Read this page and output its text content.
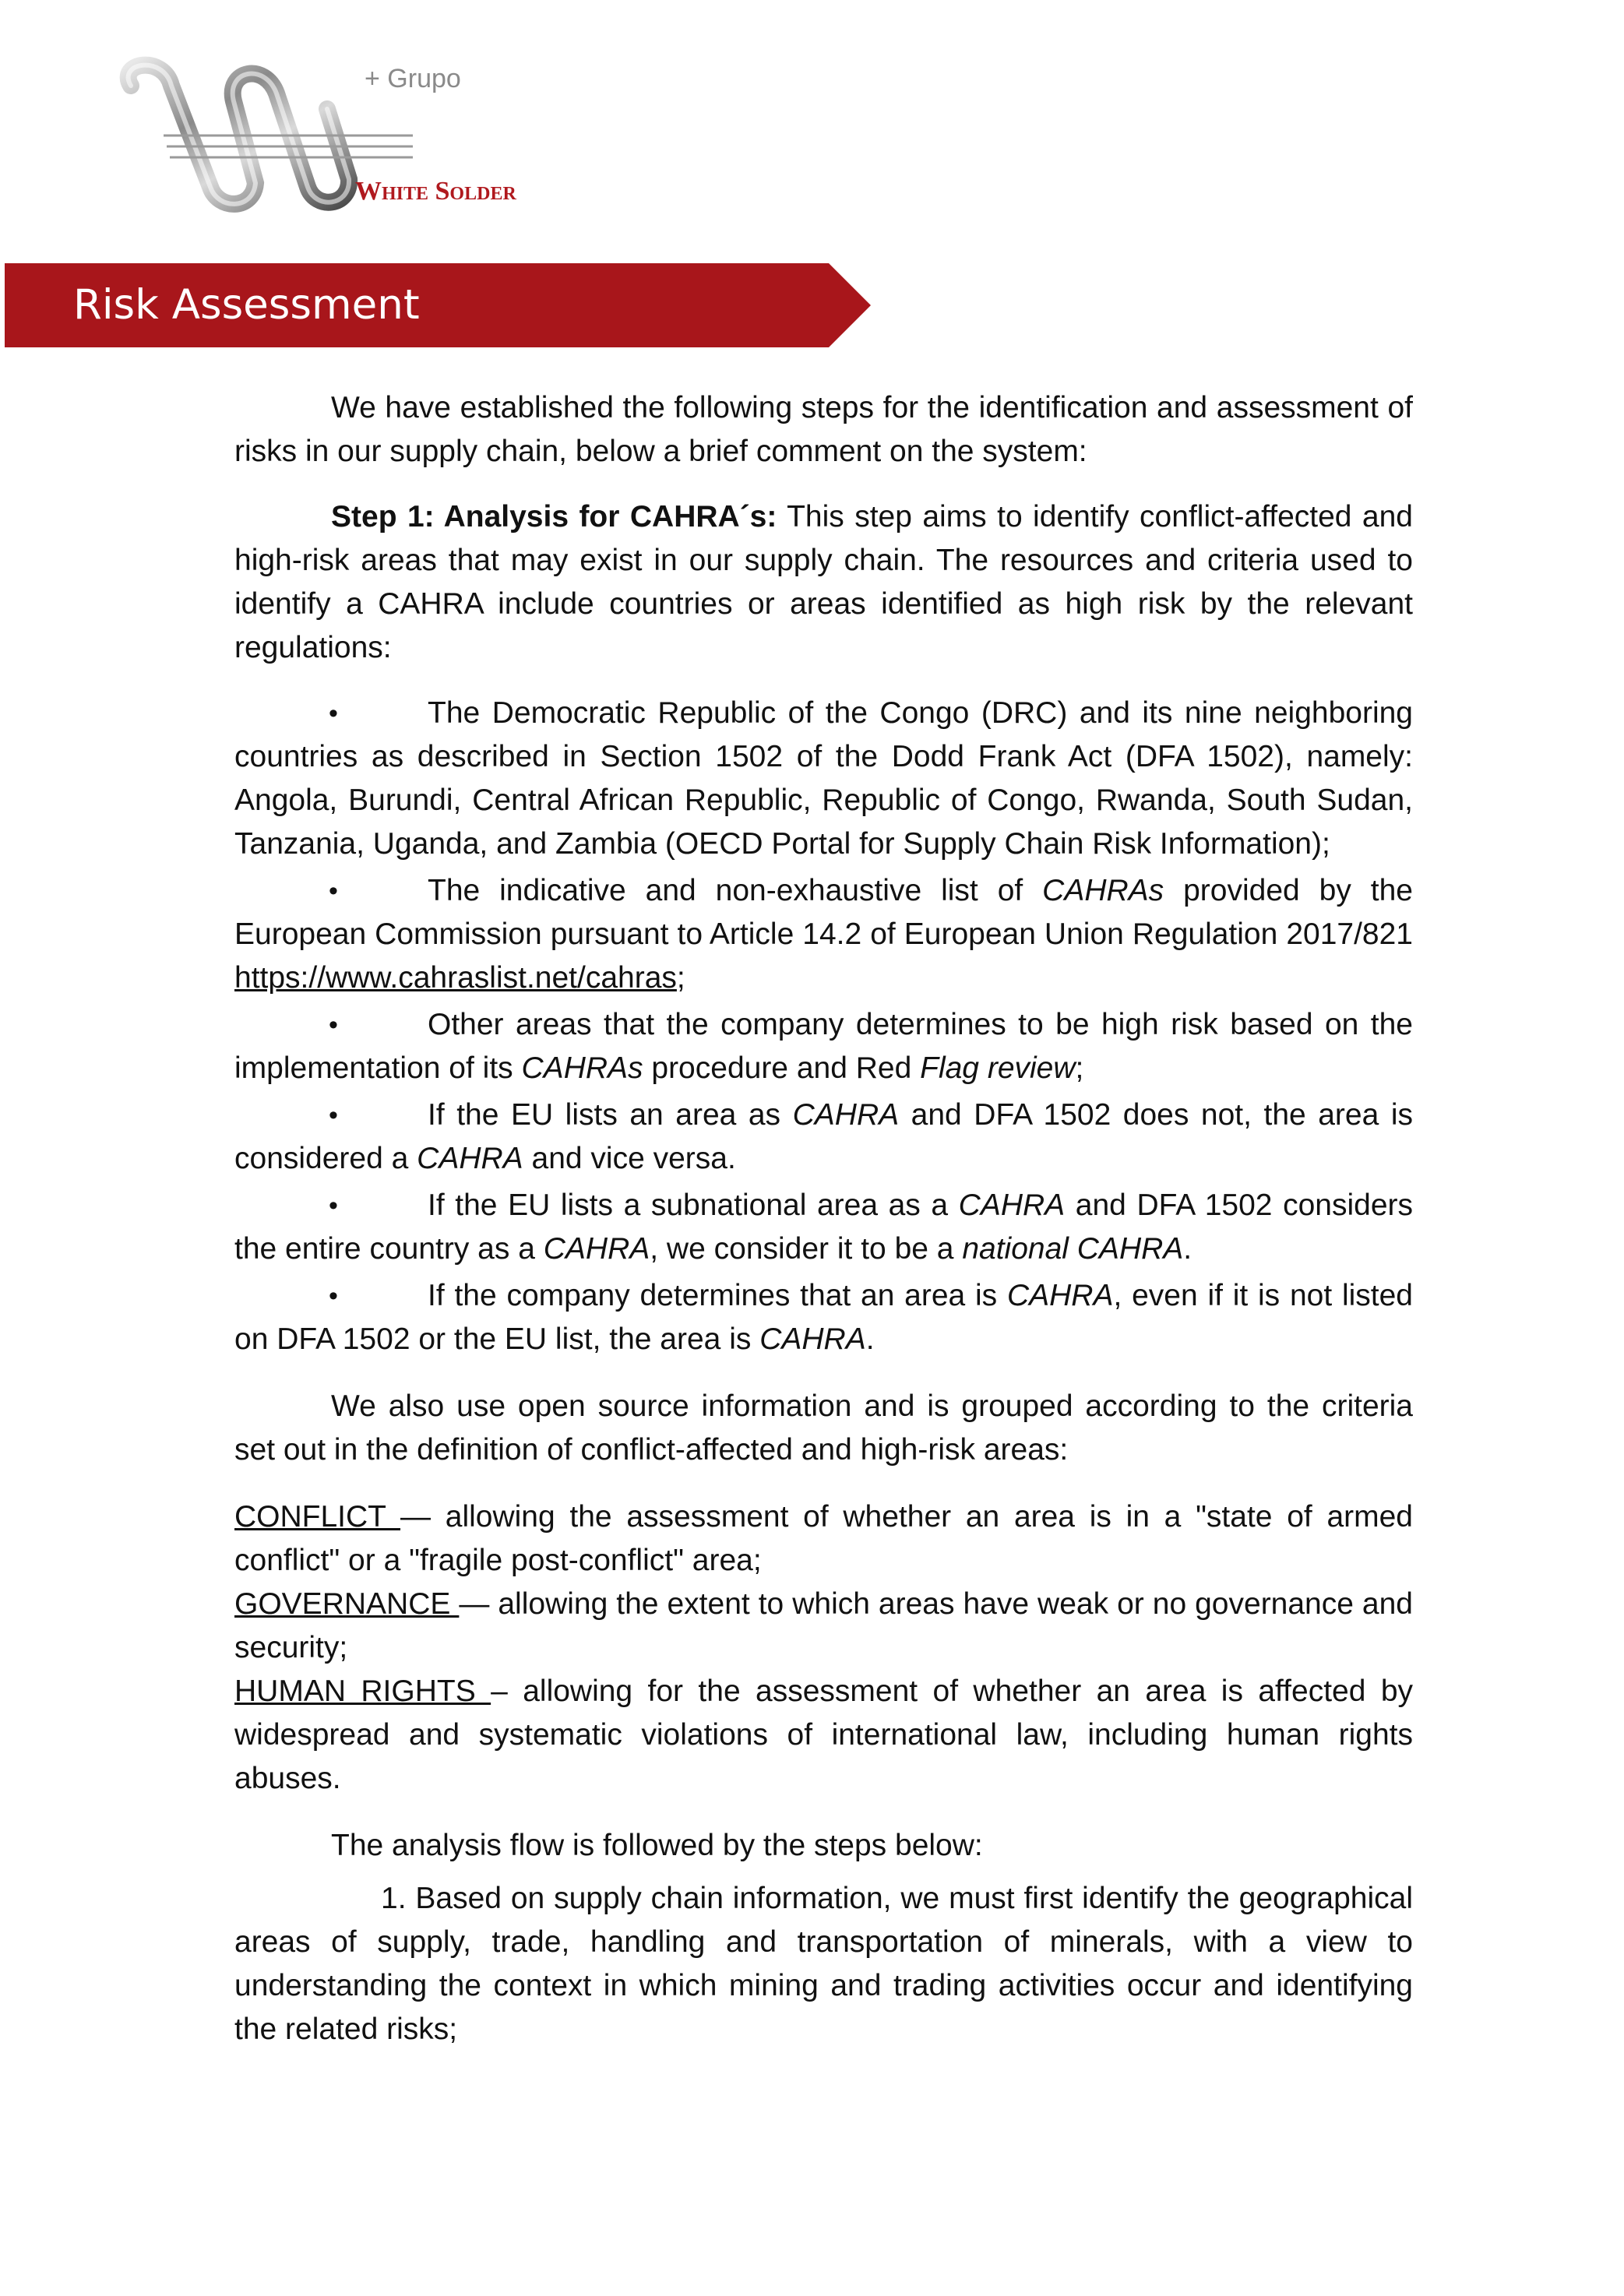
+ Grupo
White Solder
Risk Assessment

We have established the following steps for the identification and assessment of risks in our supply chain, below a brief comment on the system:

Step 1: Analysis for CAHRA´s: This step aims to identify conflict-affected and high-risk areas that may exist in our supply chain. The resources and criteria used to identify a CAHRA include countries or areas identified as high risk by the relevant regulations:

•	The Democratic Republic of the Congo (DRC) and its nine neighboring countries as described in Section 1502 of the Dodd Frank Act (DFA 1502), namely: Angola, Burundi, Central African Republic, Republic of Congo, Rwanda, South Sudan, Tanzania, Uganda, and Zambia (OECD Portal for Supply Chain Risk Information);
•	The indicative and non-exhaustive list of CAHRAs provided by the European Commission pursuant to Article 14.2 of European Union Regulation 2017/821 https://www.cahraslist.net/cahras;
•	Other areas that the company determines to be high risk based on the implementation of its CAHRAs procedure and Red Flag review;
•	If the EU lists an area as CAHRA and DFA 1502 does not, the area is considered a CAHRA and vice versa.
•	If the EU lists a subnational area as a CAHRA and DFA 1502 considers the entire country as a CAHRA, we consider it to be a national CAHRA.
•	If the company determines that an area is CAHRA, even if it is not listed on DFA 1502 or the EU list, the area is CAHRA.

We also use open source information and is grouped according to the criteria set out in the definition of conflict-affected and high-risk areas:

CONFLICT — allowing the assessment of whether an area is in a "state of armed conflict" or a "fragile post-conflict" area;

GOVERNANCE — allowing the extent to which areas have weak or no governance and security;

HUMAN RIGHTS – allowing for the assessment of whether an area is affected by widespread and systematic violations of international law, including human rights abuses.

The analysis flow is followed by the steps below:

1. Based on supply chain information, we must first identify the geographical areas of supply, trade, handling and transportation of minerals, with a view to understanding the context in which mining and trading activities occur and identifying the related risks;
